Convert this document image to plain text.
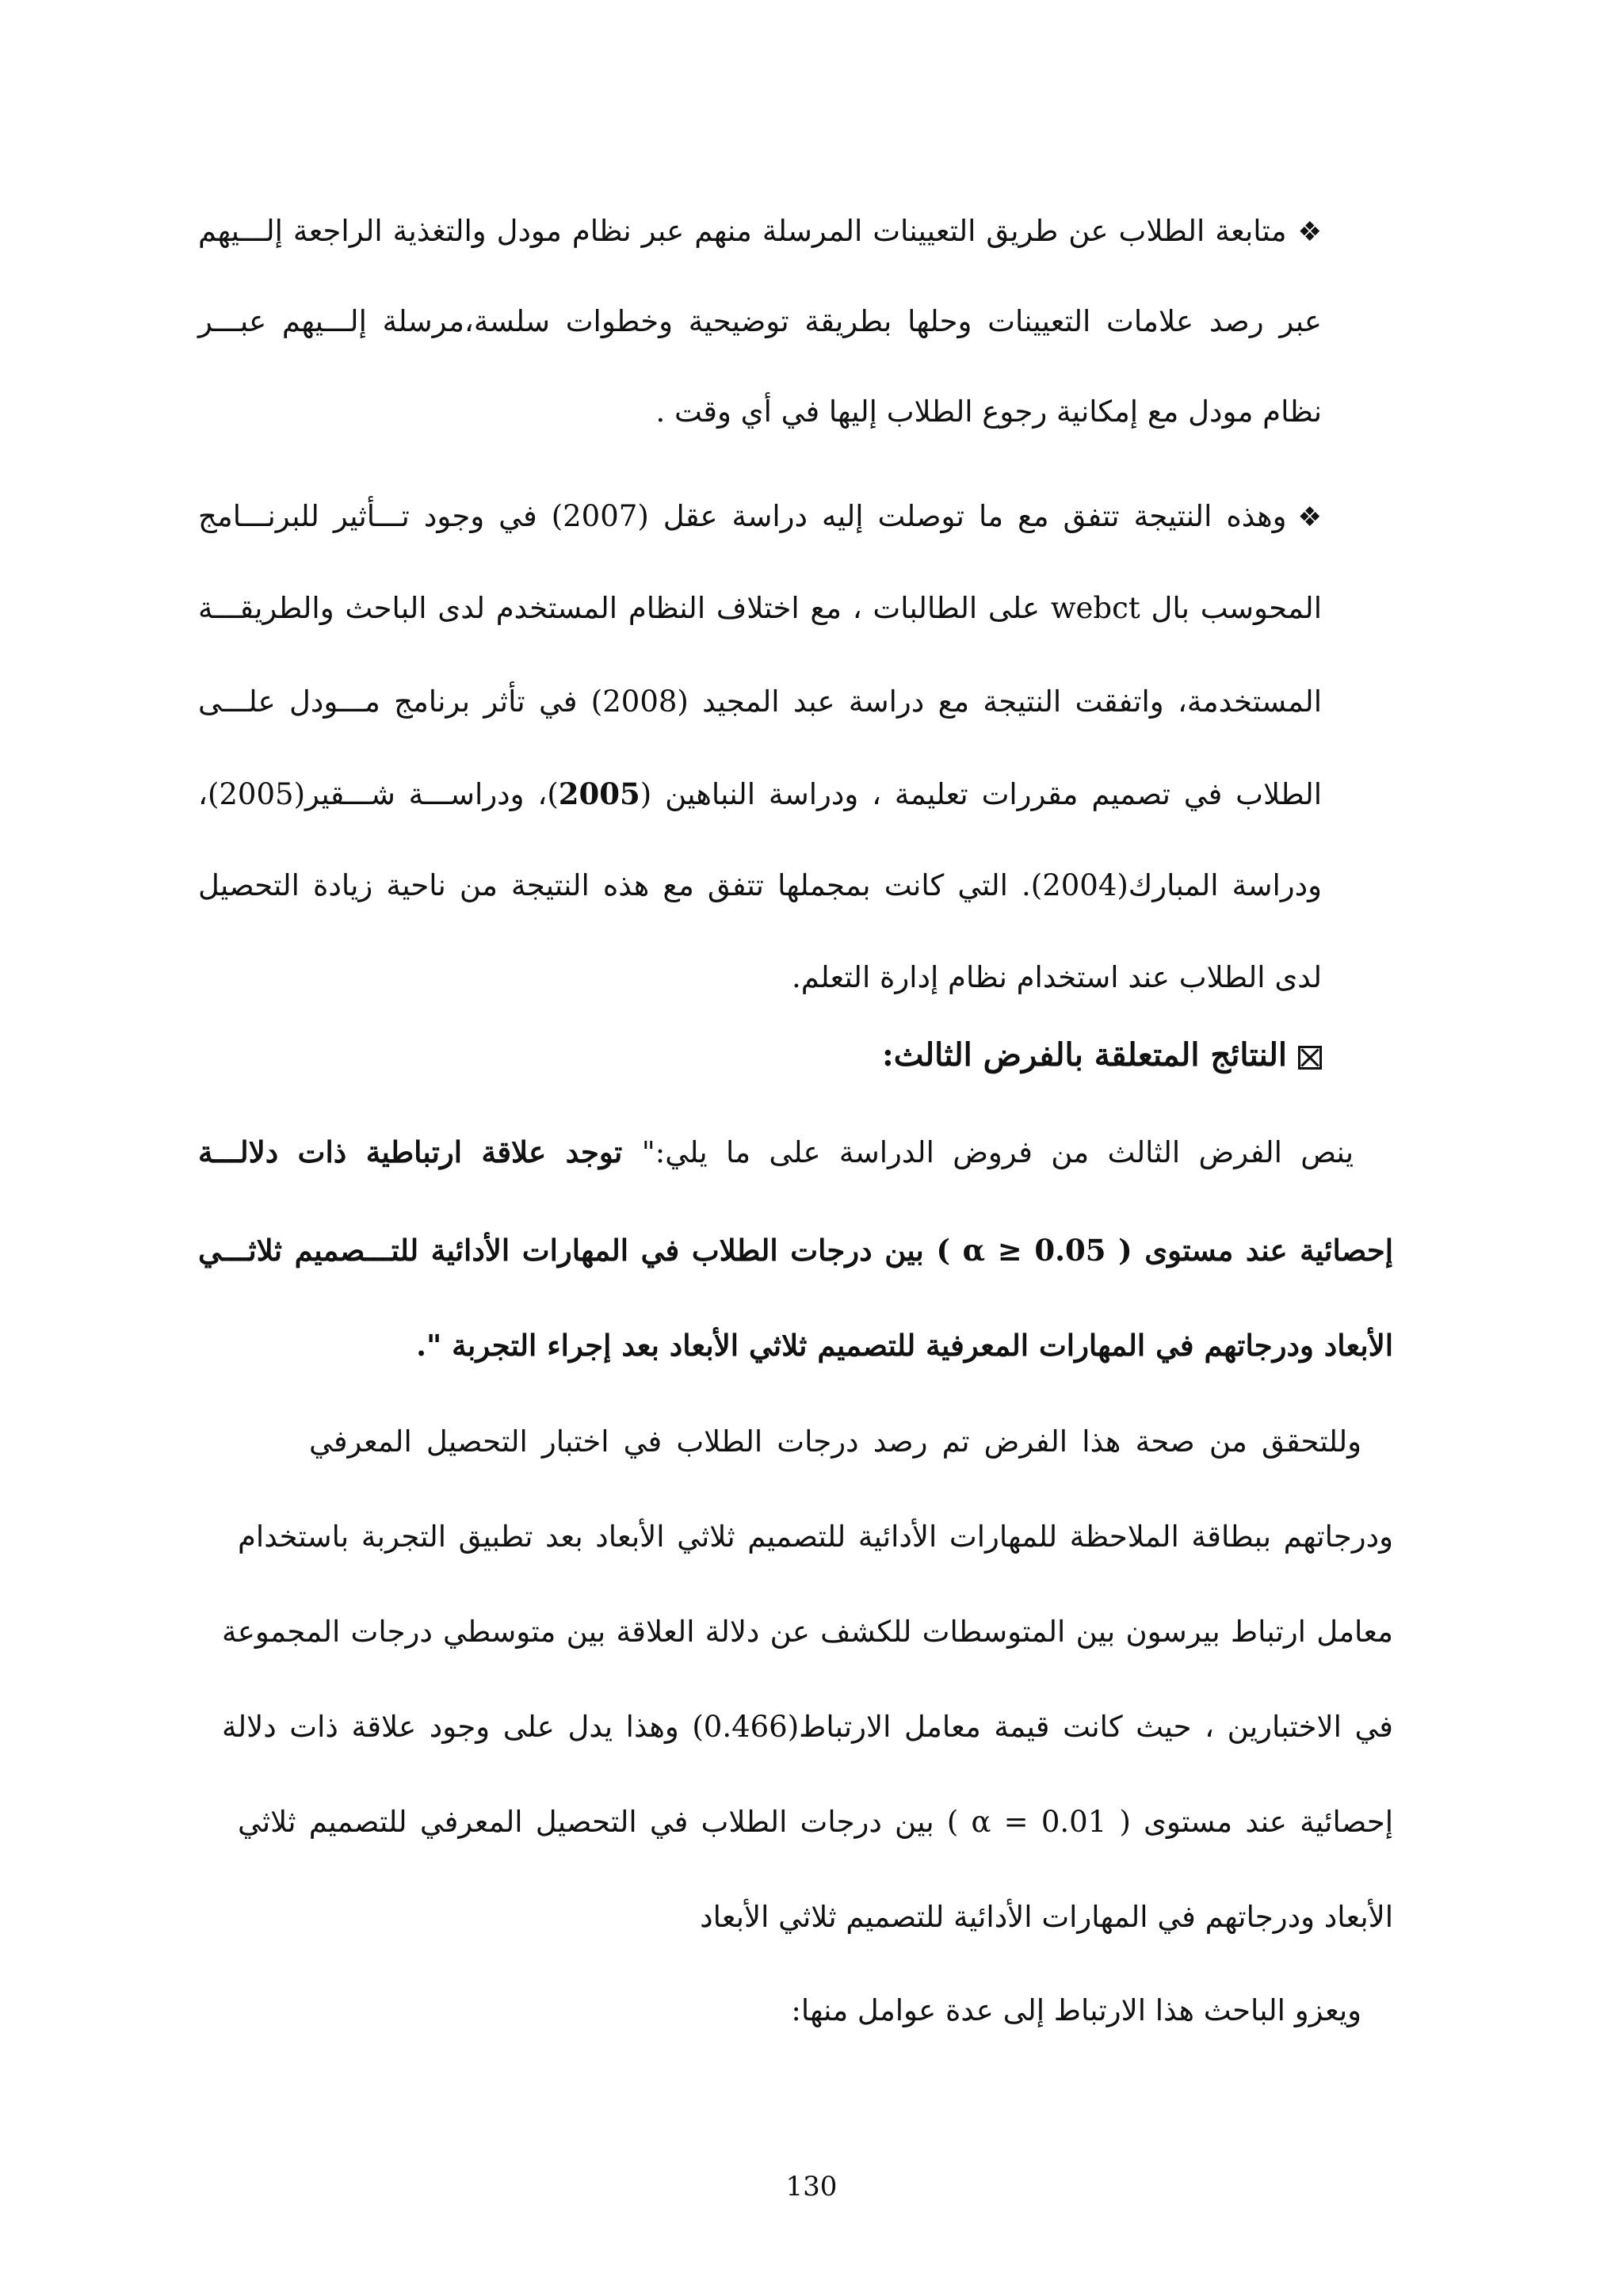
❖متابعة الطلاب عن طريق التعيينات المرسلة منهم عبر نظام مودل والتغذية الراجعة إلـــيهم
عبر رصد علامات التعيينات وحلها بطريقة توضيحية وخطوات سلسة،مرسلة إلـــيهم عبـــر
نظام مودل مع إمكانية رجوع الطلاب إليها في أي وقت .
❖وهذه النتيجة تتفق مع ما توصلت إليه دراسة عقل (2007) في وجود تـــأثير للبرنـــامج
المحوسب بال webct على الطالبات ، مع اختلاف النظام المستخدم لدى الباحث والطريقـــة
المستخدمة، واتفقت النتيجة مع دراسة عبد المجيد (2008) في تأثر برنامج مـــودل علـــى
الطلاب في تصميم مقررات تعليمة ، ودراسة النباهين (2005)، ودراســـة شـــقير(2005)،
ودراسة المبارك(2004). التي كانت بمجملها تتفق مع هذه النتيجة من ناحية زيادة التحصيل
لدى الطلاب عند استخدام نظام إدارة التعلم.
النتائج المتعلقة بالفرض الثالث:
ينص الفرض الثالث من فروض الدراسة على ما يلي:" توجد علاقة ارتباطية ذات دلالـــة
إحصائية عند مستوى ( α ≥ 0.05 ) بين درجات الطلاب في المهارات الأدائية للتـــصميم ثلاثـــي
الأبعاد ودرجاتهم في المهارات المعرفية للتصميم ثلاثي الأبعاد بعد إجراء التجربة ".
وللتحقق من صحة هذا الفرض تم رصد درجات الطلاب في اختبار التحصيل المعرفي
ودرجاتهم ببطاقة الملاحظة للمهارات الأدائية للتصميم ثلاثي الأبعاد بعد تطبيق التجربة باستخدام
معامل ارتباط بيرسون بين المتوسطات للكشف عن دلالة العلاقة بين متوسطي درجات المجموعة
في الاختبارين ، حيث كانت قيمة معامل الارتباط(0.466) وهذا يدل على وجود علاقة ذات دلالة
إحصائية عند مستوى ( α = 0.01 ) بين درجات الطلاب في التحصيل المعرفي للتصميم ثلاثي
الأبعاد ودرجاتهم في المهارات الأدائية للتصميم ثلاثي الأبعاد
ويعزو الباحث هذا الارتباط إلى عدة عوامل منها:
130
